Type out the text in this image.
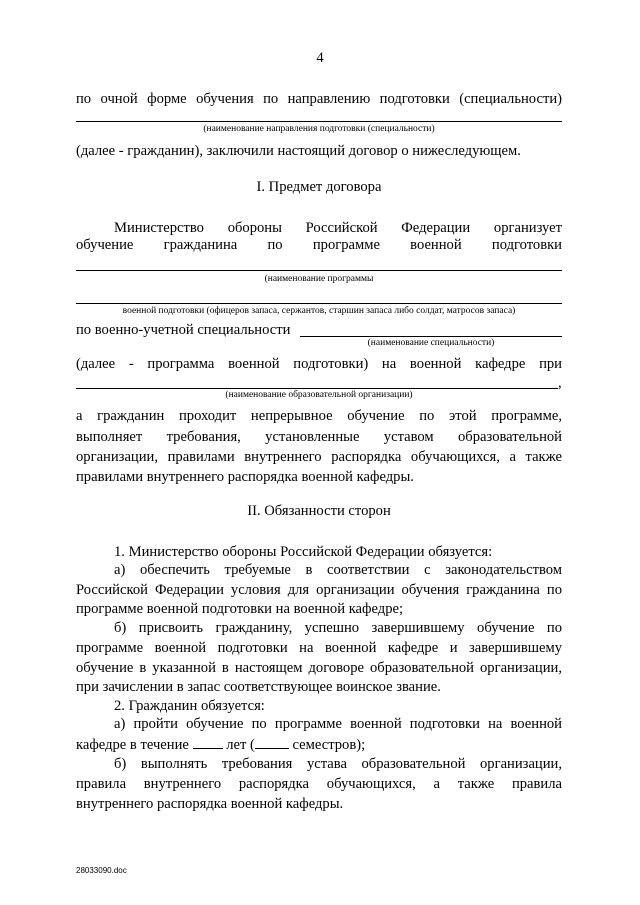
4
по очной форме обучения по направлению подготовки (специальности)
(наименование направления подготовки (специальности)
(далее - гражданин), заключили настоящий договор о нижеследующем.
I. Предмет договора
Министерство обороны Российской Федерации организует
обучение гражданина по программе военной подготовки
(наименование программы
военной подготовки (офицеров запаса, сержантов, старшин запаса либо солдат, матросов запаса)
по военно-учетной специальности
(наименование специальности)
(далее - программа военной подготовки) на военной кафедре при
,
(наименование образовательной организации)
а гражданин проходит непрерывное обучение по этой программе,
выполняет требования, установленные уставом образовательной
организации, правилами внутреннего распорядка обучающихся, а также
правилами внутреннего распорядка военной кафедры.
II. Обязанности сторон
1. Министерство обороны Российской Федерации обязуется:
а) обеспечить требуемые в соответствии с законодательством
Российской Федерации условия для организации обучения гражданина по
программе военной подготовки на военной кафедре;
б) присвоить гражданину, успешно завершившему обучение по
программе военной подготовки на военной кафедре и завершившему
обучение в указанной в настоящем договоре образовательной организации,
при зачислении в запас соответствующее воинское звание.
2. Гражданин обязуется:
а) пройти обучение по программе военной подготовки на военной
кафедре в течение	лет (	семестров);
б) выполнять требования устава образовательной организации,
правила внутреннего распорядка обучающихся, а также правила
внутреннего распорядка военной кафедры.
28033090.doc
